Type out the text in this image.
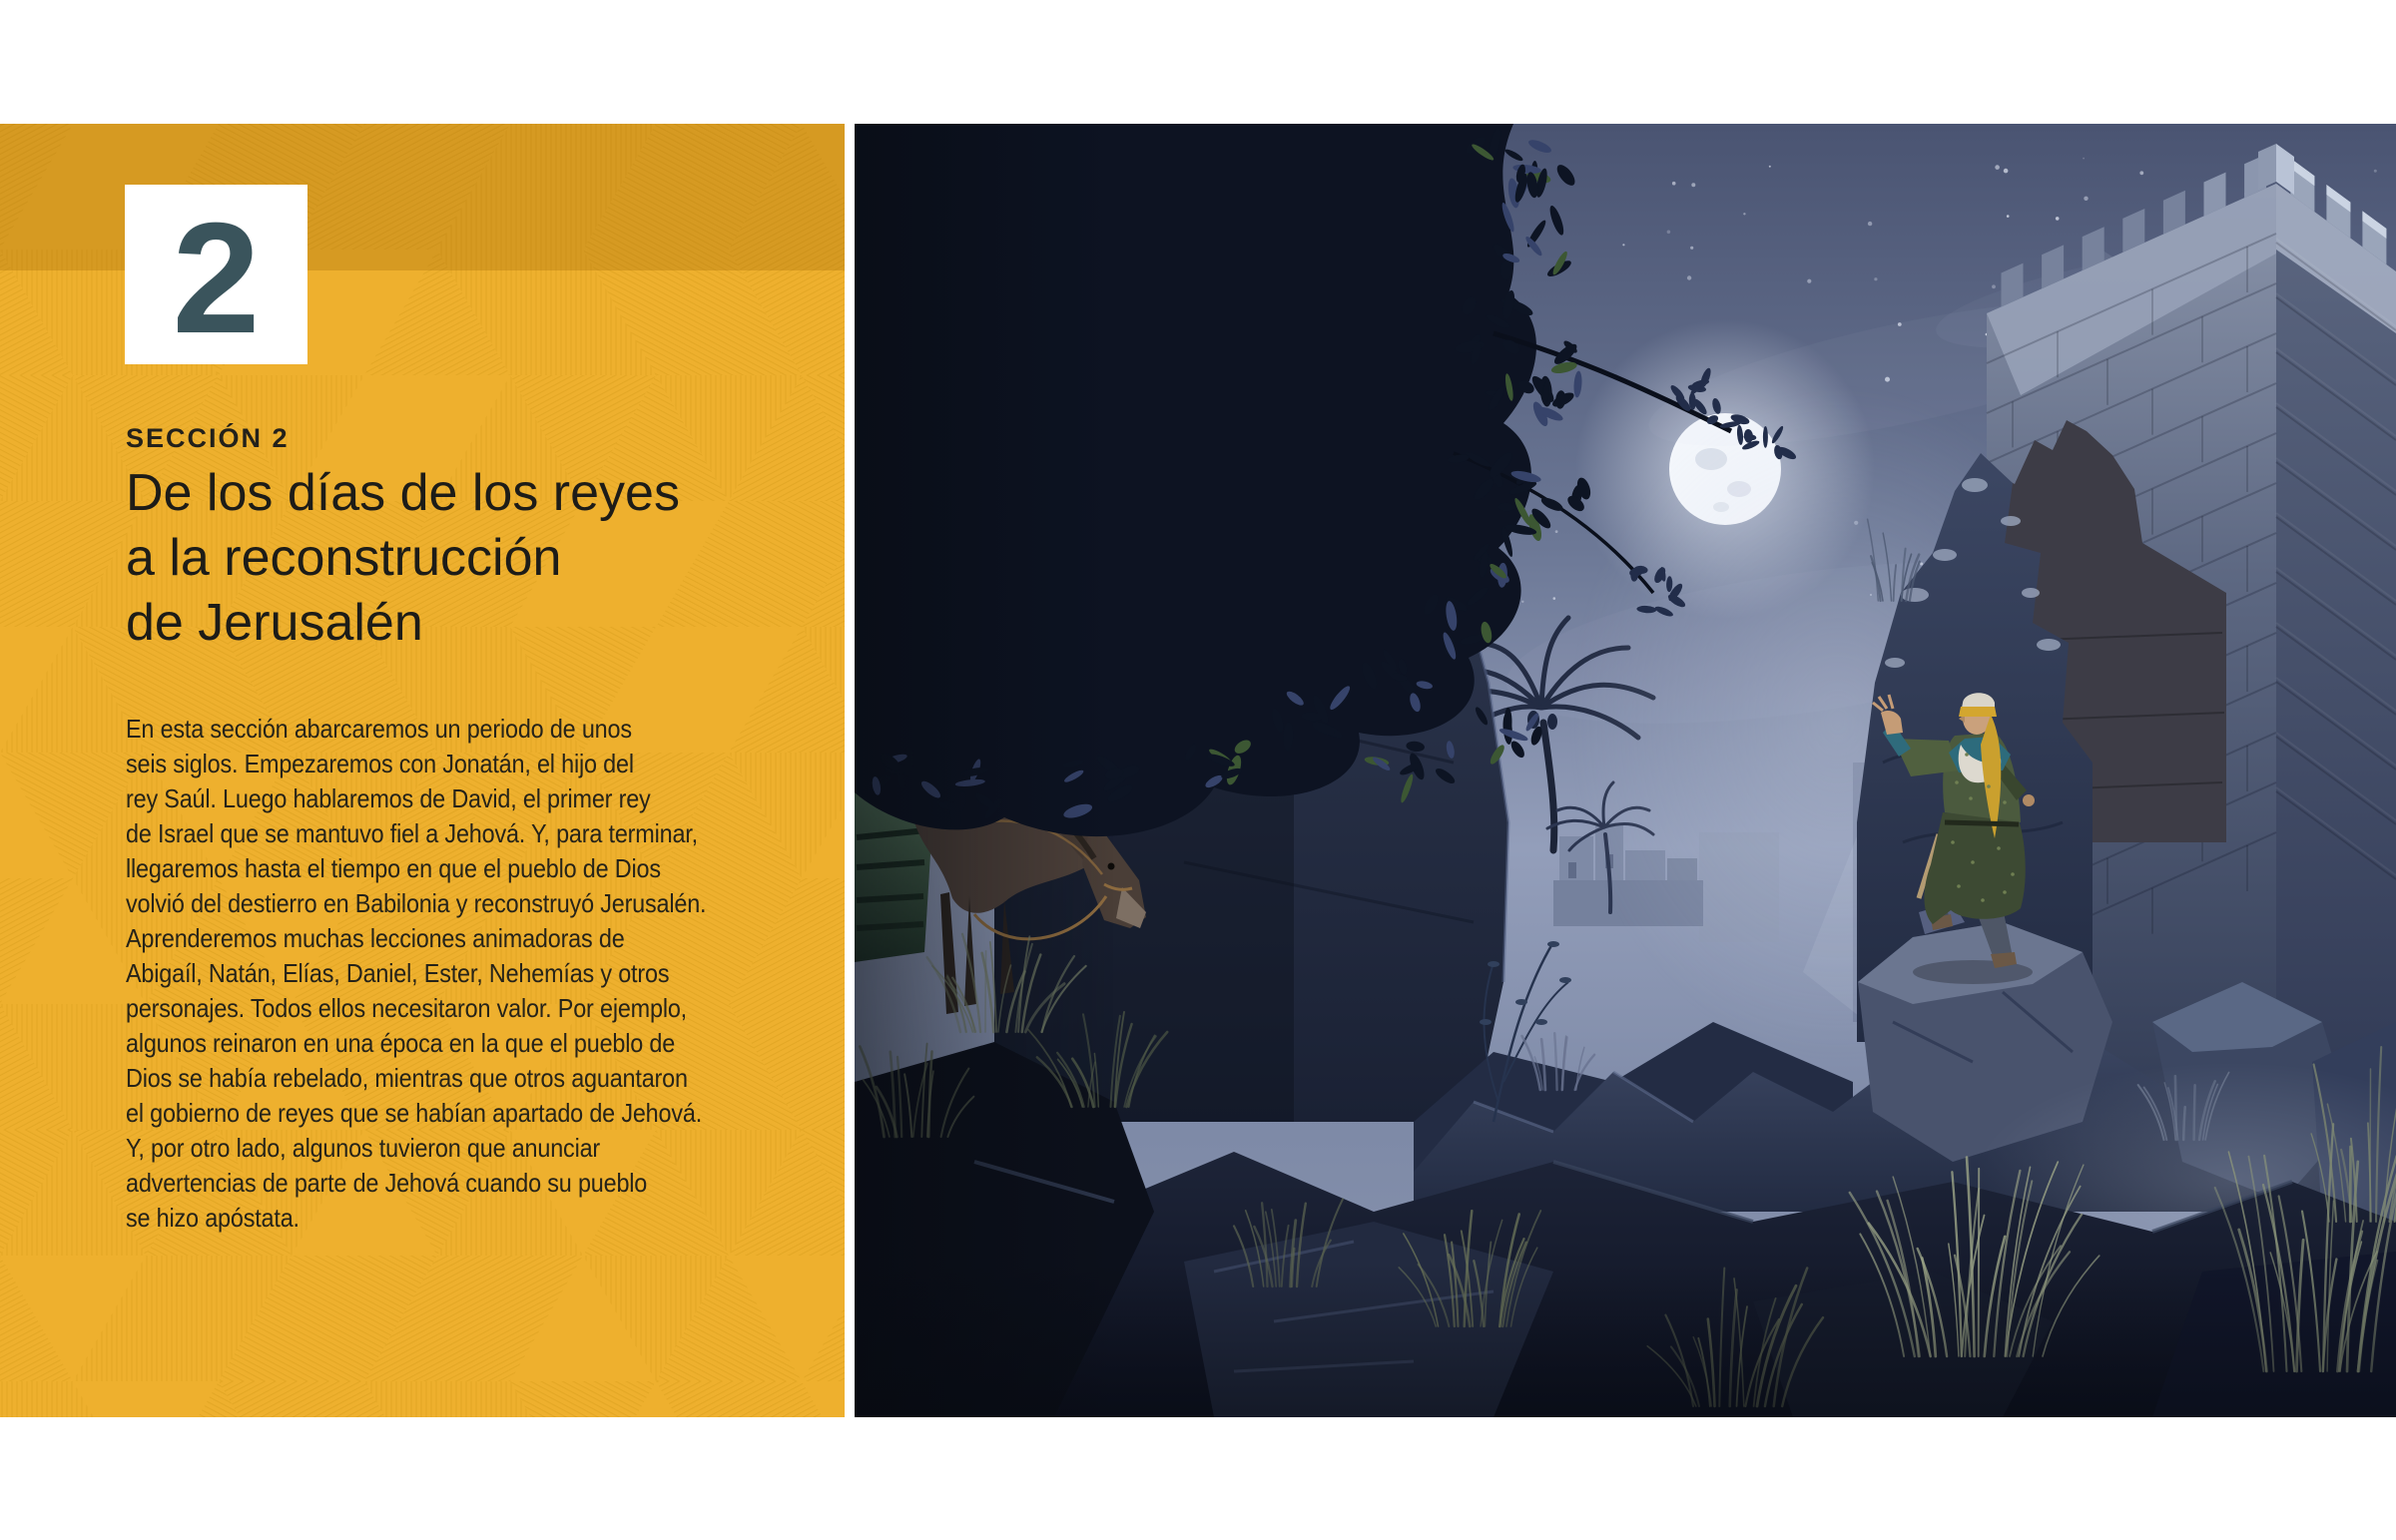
2
SECCIÓN 2
De los días de los reyes
a la reconstrucción
de Jerusalén
En esta sección abarcaremos un periodo de unos
seis siglos. Empezaremos con Jonatán, el hijo del
rey Saúl. Luego hablaremos de David, el primer rey
de Israel que se mantuvo fiel a Jehová. Y, para terminar,
llegaremos hasta el tiempo en que el pueblo de Dios
volvió del destierro en Babilonia y reconstruyó Jerusalén.
Aprenderemos muchas lecciones animadoras de
Abigaíl, Natán, Elías, Daniel, Ester, Nehemías y otros
personajes. Todos ellos necesitaron valor. Por ejemplo,
algunos reinaron en una época en la que el pueblo de
Dios se había rebelado, mientras que otros aguantaron
el gobierno de reyes que se habían apartado de Jehová.
Y, por otro lado, algunos tuvieron que anunciar
advertencias de parte de Jehová cuando su pueblo
se hizo apóstata.
